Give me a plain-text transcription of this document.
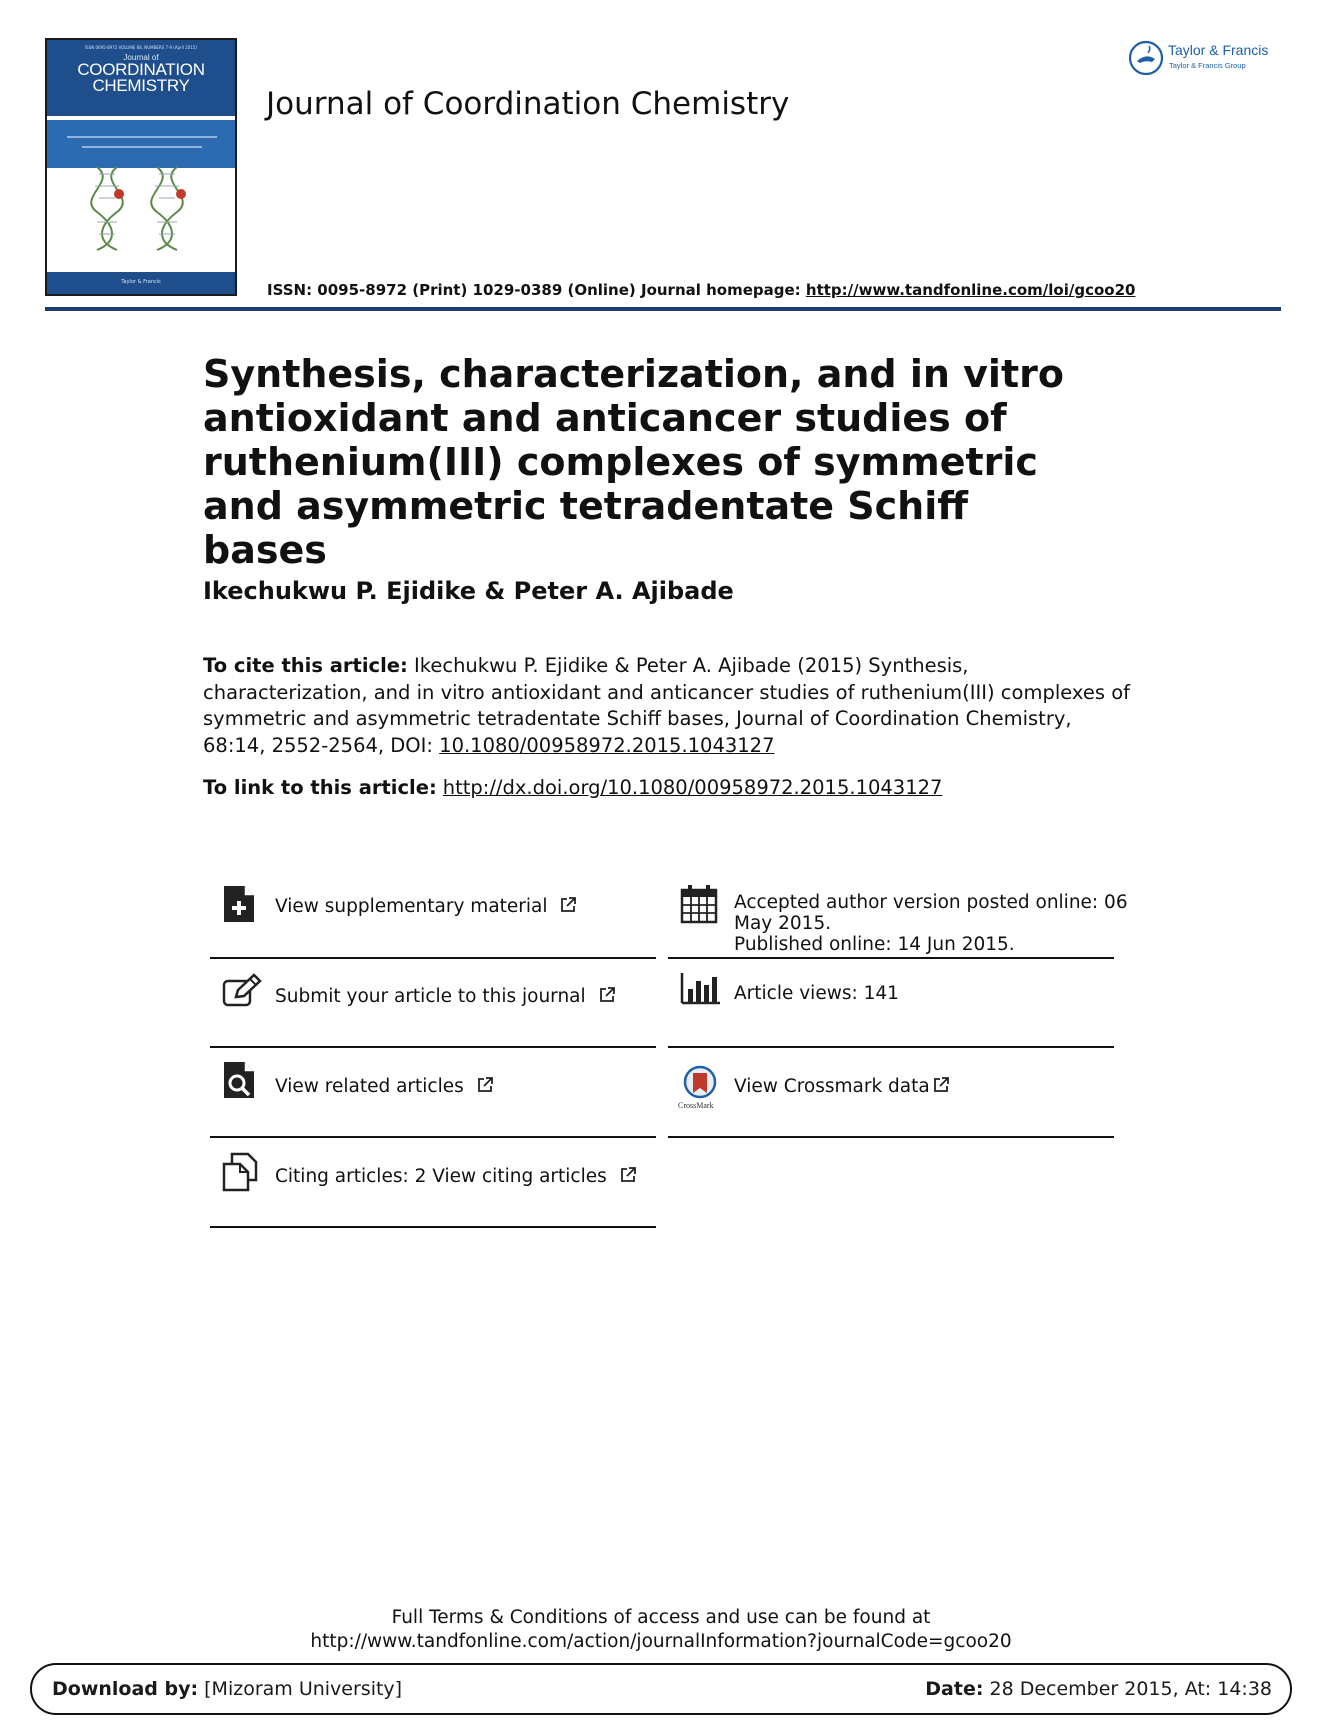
ISSN 0095-8972 VOLUME 68, NUMBERS 7-9 (April 2015)
Journal of
COORDINATION
CHEMISTRY
Taylor & Francis
Journal of Coordination Chemistry
Taylor & Francis
Taylor & Francis Group
ISSN: 0095-8972 (Print) 1029-0389 (Online) Journal homepage: http://www.tandfonline.com/loi/gcoo20
Synthesis, characterization, and in vitro antioxidant and anticancer studies of ruthenium(III) complexes of symmetric and asymmetric tetradentate Schiff bases
Ikechukwu P. Ejidike & Peter A. Ajibade
To cite this article: Ikechukwu P. Ejidike & Peter A. Ajibade (2015) Synthesis, characterization, and in vitro antioxidant and anticancer studies of ruthenium(III) complexes of symmetric and asymmetric tetradentate Schiff bases, Journal of Coordination Chemistry, 68:14, 2552-2564, DOI: 10.1080/00958972.2015.1043127
To link to this article: http://dx.doi.org/10.1080/00958972.2015.1043127
View supplementary material
Submit your article to this journal
View related articles
Citing articles: 2 View citing articles
Accepted author version posted online: 06
May 2015.
Published online: 14 Jun 2015.
Article views: 141
CrossMark
View Crossmark data
Full Terms & Conditions of access and use can be found at
http://www.tandfonline.com/action/journalInformation?journalCode=gcoo20
Download by: [Mizoram University]	Date: 28 December 2015, At: 14:38
